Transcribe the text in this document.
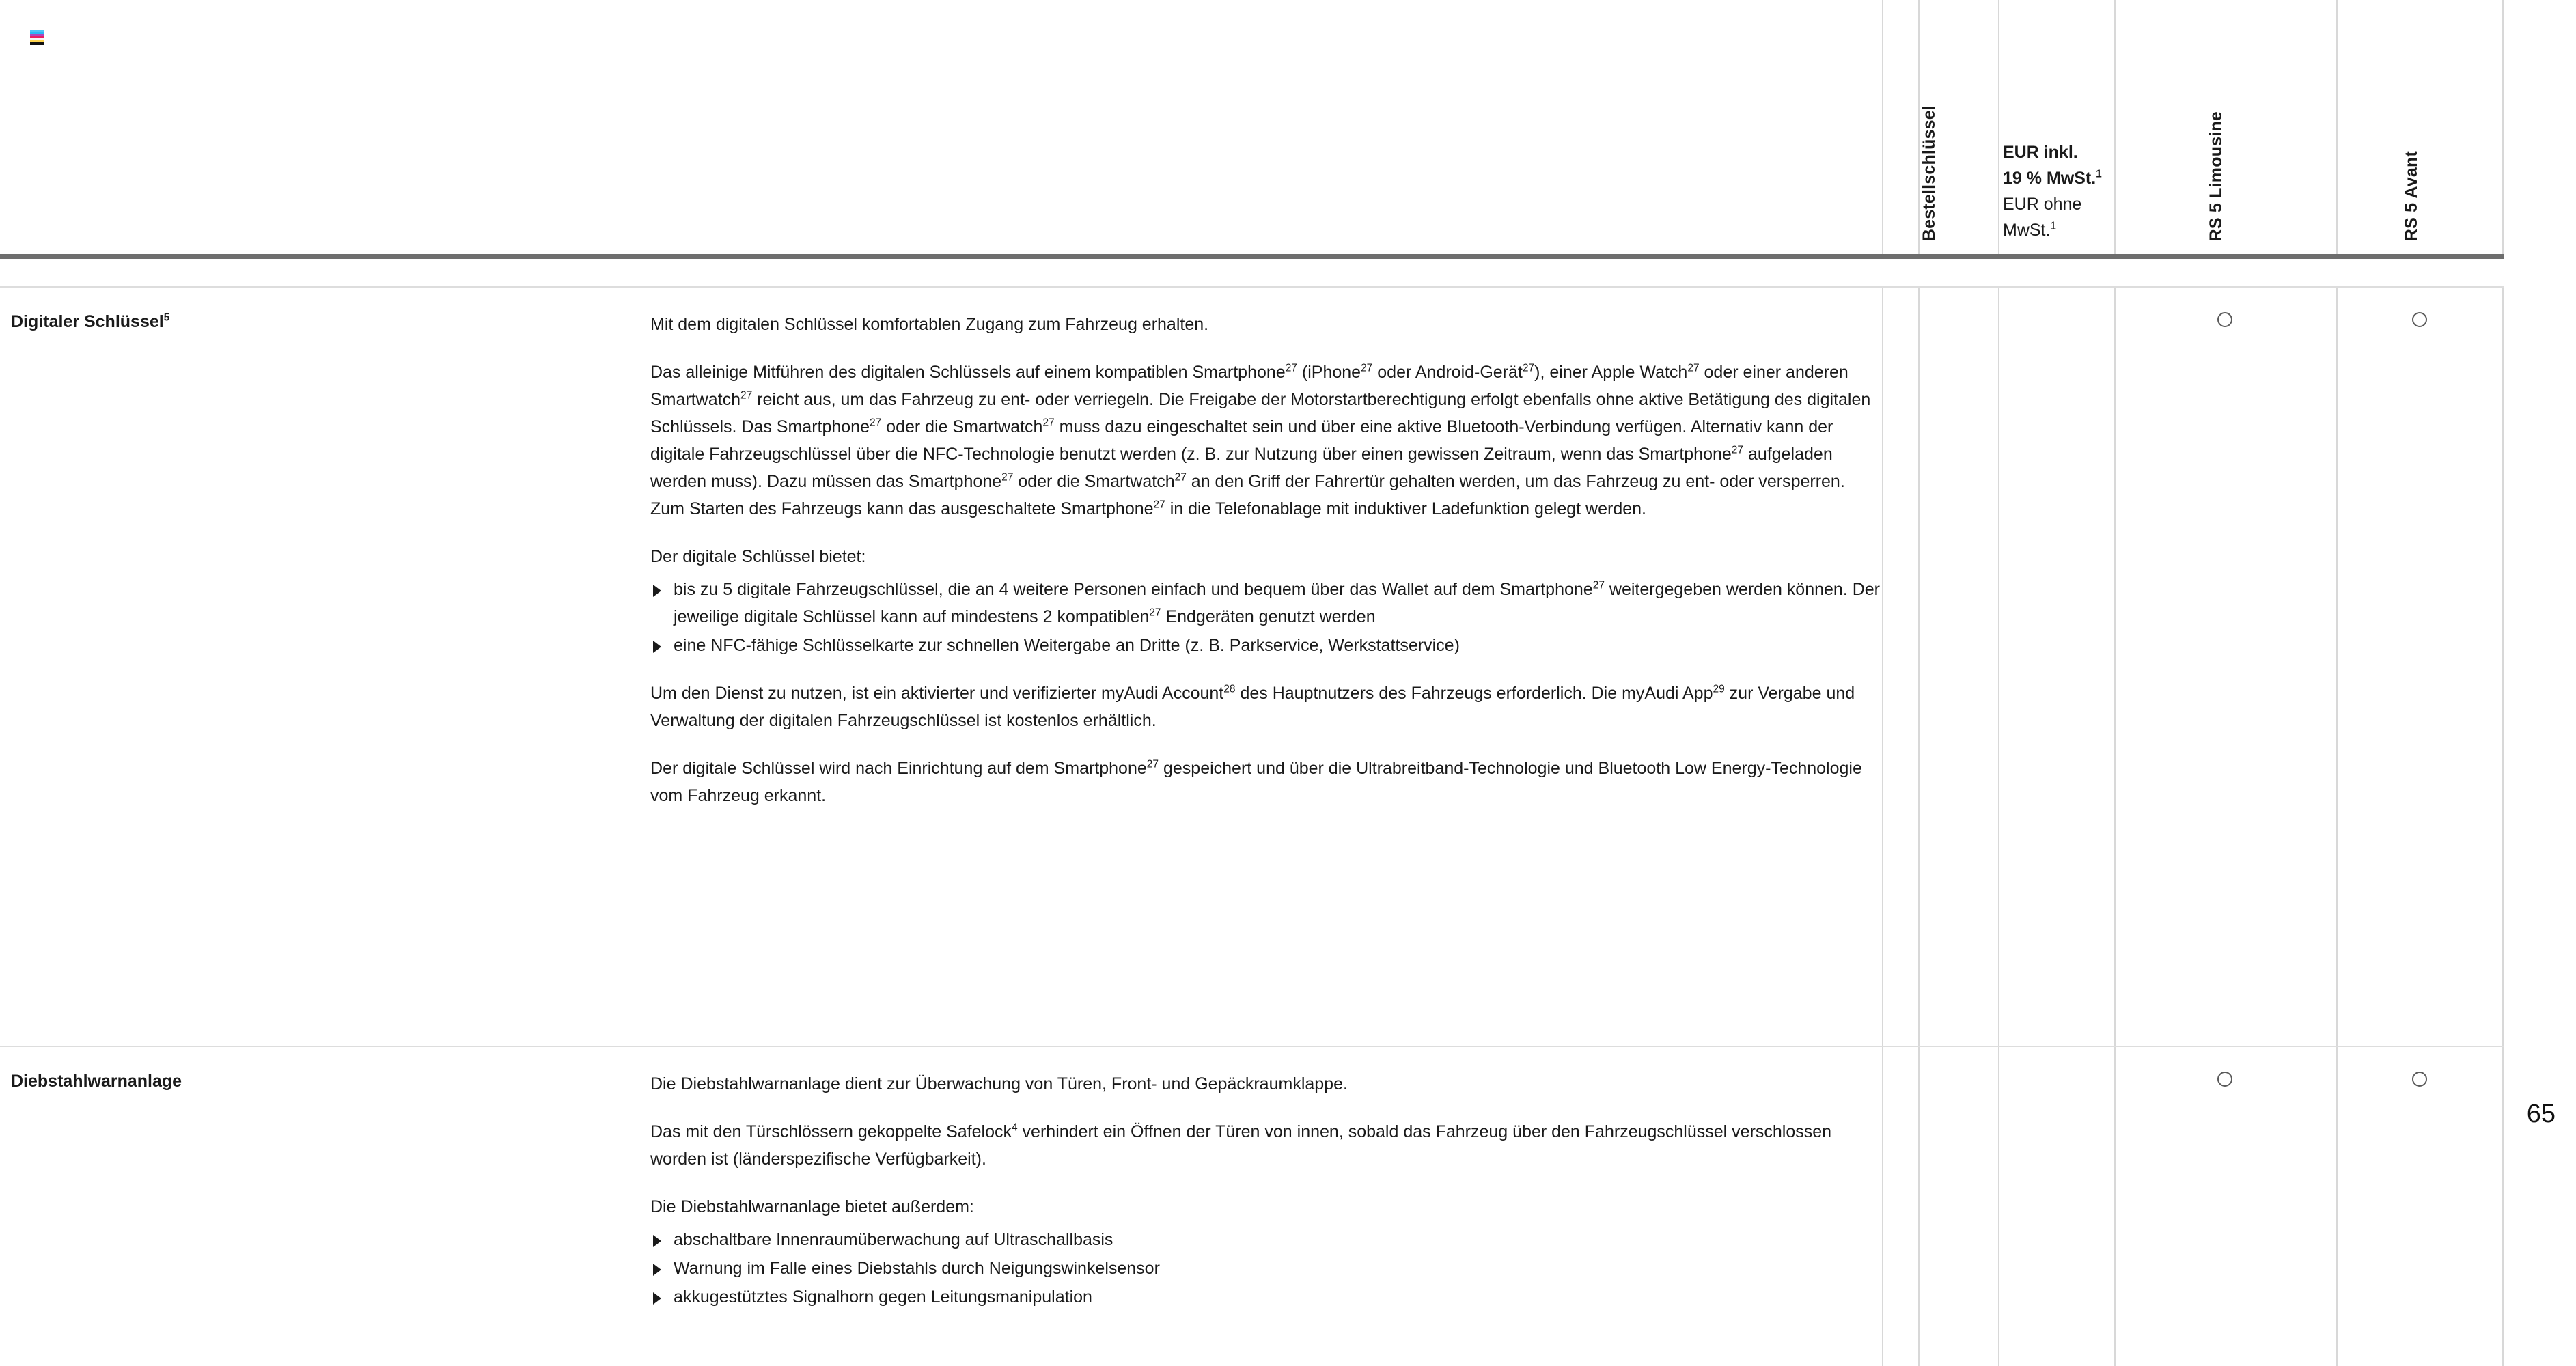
Bestellschlüssel	EUR inkl.
19 % MwSt.$^1$
EUR ohne
MwSt.$^1$	RS 5 Limousine	RS 5 Avant
Digitaler Schlüssel$^5$	Mit dem digitalen Schlüssel komfortablen Zugang zum Fahrzeug erhalten.

Das alleinige Mitführen des digitalen Schlüssels auf einem kompatiblen Smartphone$^{27}$ (iPhone$^{27}$ oder Android-Gerät$^{27}$), einer Apple Watch$^{27}$ oder einer anderen Smartwatch$^{27}$ reicht aus, um das Fahrzeug zu ent- oder verriegeln. Die Freigabe der Motorstartberechtigung erfolgt ebenfalls ohne aktive Betätigung des digitalen Schlüssels. Das Smartphone$^{27}$ oder die Smartwatch$^{27}$ muss dazu eingeschaltet sein und über eine aktive Bluetooth-Verbindung verfügen. Alternativ kann der digitale Fahrzeugschlüssel über die NFC-Technologie benutzt werden (z. B. zur Nutzung über einen gewissen Zeitraum, wenn das Smartphone$^{27}$ aufgeladen werden muss). Dazu müssen das Smartphone$^{27}$ oder die Smartwatch$^{27}$ an den Griff der Fahrertür gehalten werden, um das Fahrzeug zu ent- oder versperren. Zum Starten des Fahrzeugs kann das ausgeschaltete Smartphone$^{27}$ in die Telefonablage mit induktiver Ladefunktion gelegt werden.

Der digitale Schlüssel bietet:

bis zu 5 digitale Fahrzeugschlüssel, die an 4 weitere Personen einfach und bequem über das Wallet auf dem Smartphone$^{27}$ weitergegeben werden können. Der jeweilige digitale Schlüssel kann auf mindestens 2 kompatiblen$^{27}$ Endgeräten genutzt werden
eine NFC-fähige Schlüsselkarte zur schnellen Weitergabe an Dritte (z. B. Parkservice, Werkstattservice)

Um den Dienst zu nutzen, ist ein aktivierter und verifizierter myAudi Account$^{28}$ des Hauptnutzers des Fahrzeugs erforderlich. Die myAudi App$^{29}$ zur Vergabe und Verwaltung der digitalen Fahrzeugschlüssel ist kostenlos erhältlich.

Der digitale Schlüssel wird nach Einrichtung auf dem Smartphone$^{27}$ gespeichert und über die Ultrabreitband-Technologie und Bluetooth Low Energy-Technologie vom Fahrzeug erkannt.

Diebstahlwarnanlage	Die Diebstahlwarnanlage dient zur Überwachung von Türen, Front- und Gepäckraumklappe.

Das mit den Türschlössern gekoppelte Safelock$^4$ verhindert ein Öffnen der Türen von innen, sobald das Fahrzeug über den Fahrzeugschlüssel verschlossen worden ist (länderspezifische Verfügbarkeit).

Die Diebstahlwarnanlage bietet außerdem:

abschaltbare Innenraumüberwachung auf Ultraschallbasis
Warnung im Falle eines Diebstahls durch Neigungswinkelsensor
akkugestütztes Signalhorn gegen Leitungsmanipulation
65
